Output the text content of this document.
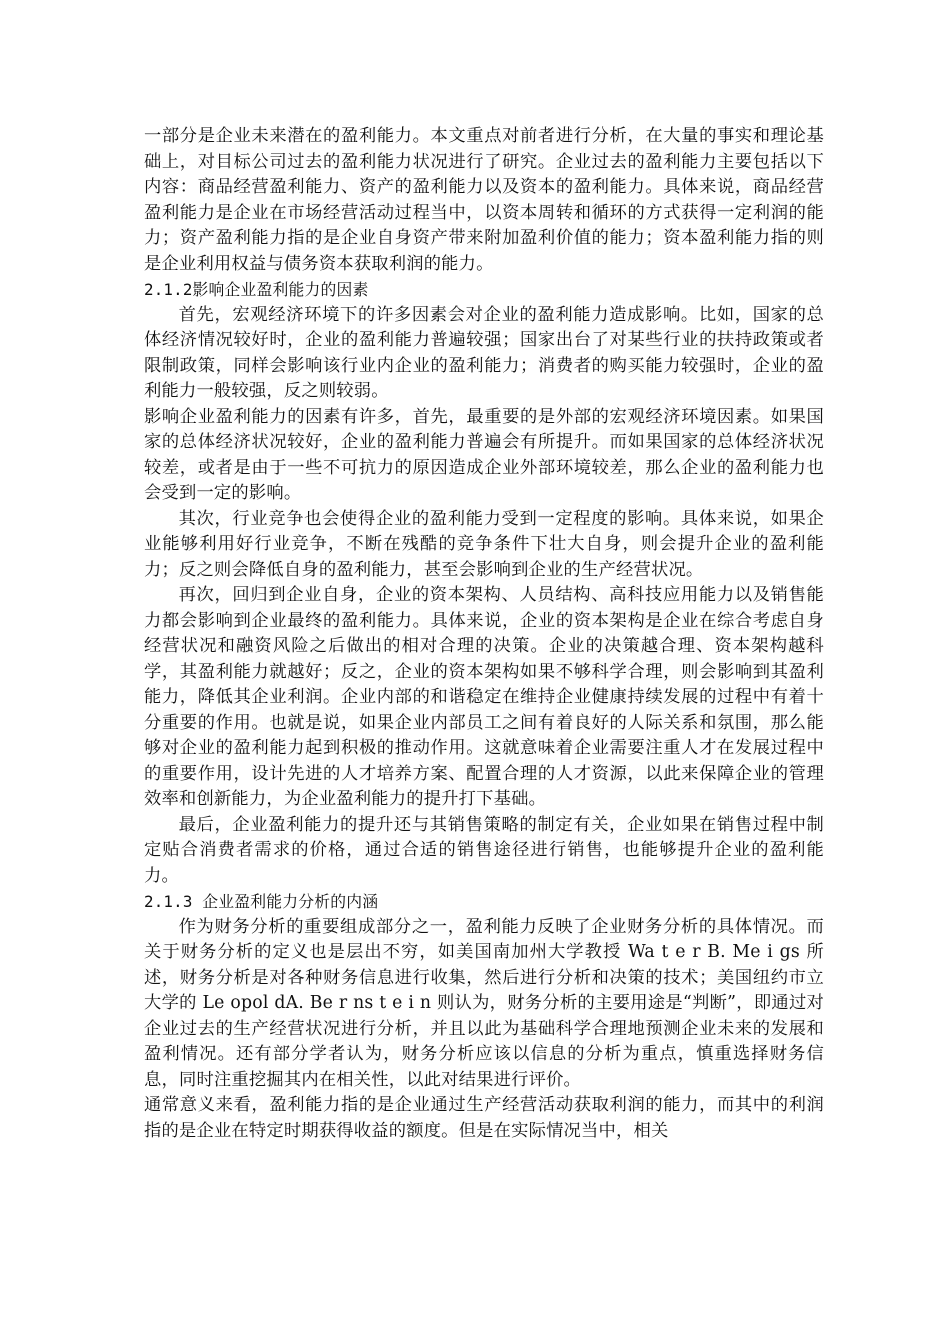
一部分是企业未来潜在的盈利能力。本文重点对前者进行分析，在大量的事实和理论基础上，对目标公司过去的盈利能力状况进行了研究。企业过去的盈利能力主要包括以下内容：商品经营盈利能力、资产的盈利能力以及资本的盈利能力。具体来说，商品经营盈利能力是企业在市场经营活动过程当中，以资本周转和循环的方式获得一定利润的能力；资产盈利能力指的是企业自身资产带来附加盈利价值的能力；资本盈利能力指的则是企业利用权益与债务资本获取利润的能力。

2.1.2影响企业盈利能力的因素

首先，宏观经济环境下的许多因素会对企业的盈利能力造成影响。比如，国家的总体经济情况较好时，企业的盈利能力普遍较强；国家出台了对某些行业的扶持政策或者限制政策，同样会影响该行业内企业的盈利能力；消费者的购买能力较强时，企业的盈利能力一般较强，反之则较弱。

影响企业盈利能力的因素有许多，首先，最重要的是外部的宏观经济环境因素。如果国家的总体经济状况较好，企业的盈利能力普遍会有所提升。而如果国家的总体经济状况较差，或者是由于一些不可抗力的原因造成企业外部环境较差，那么企业的盈利能力也会受到一定的影响。

其次，行业竞争也会使得企业的盈利能力受到一定程度的影响。具体来说，如果企业能够利用好行业竞争，不断在残酷的竞争条件下壮大自身，则会提升企业的盈利能力；反之则会降低自身的盈利能力，甚至会影响到企业的生产经营状况。

再次，回归到企业自身，企业的资本架构、人员结构、高科技应用能力以及销售能力都会影响到企业最终的盈利能力。具体来说，企业的资本架构是企业在综合考虑自身经营状况和融资风险之后做出的相对合理的决策。企业的决策越合理、资本架构越科学，其盈利能力就越好；反之，企业的资本架构如果不够科学合理，则会影响到其盈利能力，降低其企业利润。企业内部的和谐稳定在维持企业健康持续发展的过程中有着十分重要的作用。也就是说，如果企业内部员工之间有着良好的人际关系和氛围，那么能够对企业的盈利能力起到积极的推动作用。这就意味着企业需要注重人才在发展过程中的重要作用，设计先进的人才培养方案、配置合理的人才资源，以此来保障企业的管理效率和创新能力，为企业盈利能力的提升打下基础。

最后，企业盈利能力的提升还与其销售策略的制定有关，企业如果在销售过程中制定贴合消费者需求的价格，通过合适的销售途径进行销售，也能够提升企业的盈利能力。

2.1.3 企业盈利能力分析的内涵

作为财务分析的重要组成部分之一，盈利能力反映了企业财务分析的具体情况。而关于财务分析的定义也是层出不穷，如美国南加州大学教授 Wa t e r B. Me i gs 所述，财务分析是对各种财务信息进行收集，然后进行分析和决策的技术；美国纽约市立大学的 Le opol dA. Be r ns t e i n 则认为，财务分析的主要用途是“判断”，即通过对企业过去的生产经营状况进行分析，并且以此为基础科学合理地预测企业未来的发展和盈利情况。还有部分学者认为，财务分析应该以信息的分析为重点，慎重选择财务信息，同时注重挖掘其内在相关性，以此对结果进行评价。

通常意义来看，盈利能力指的是企业通过生产经营活动获取利润的能力，而其中的利润指的是企业在特定时期获得收益的额度。但是在实际情况当中，相关
